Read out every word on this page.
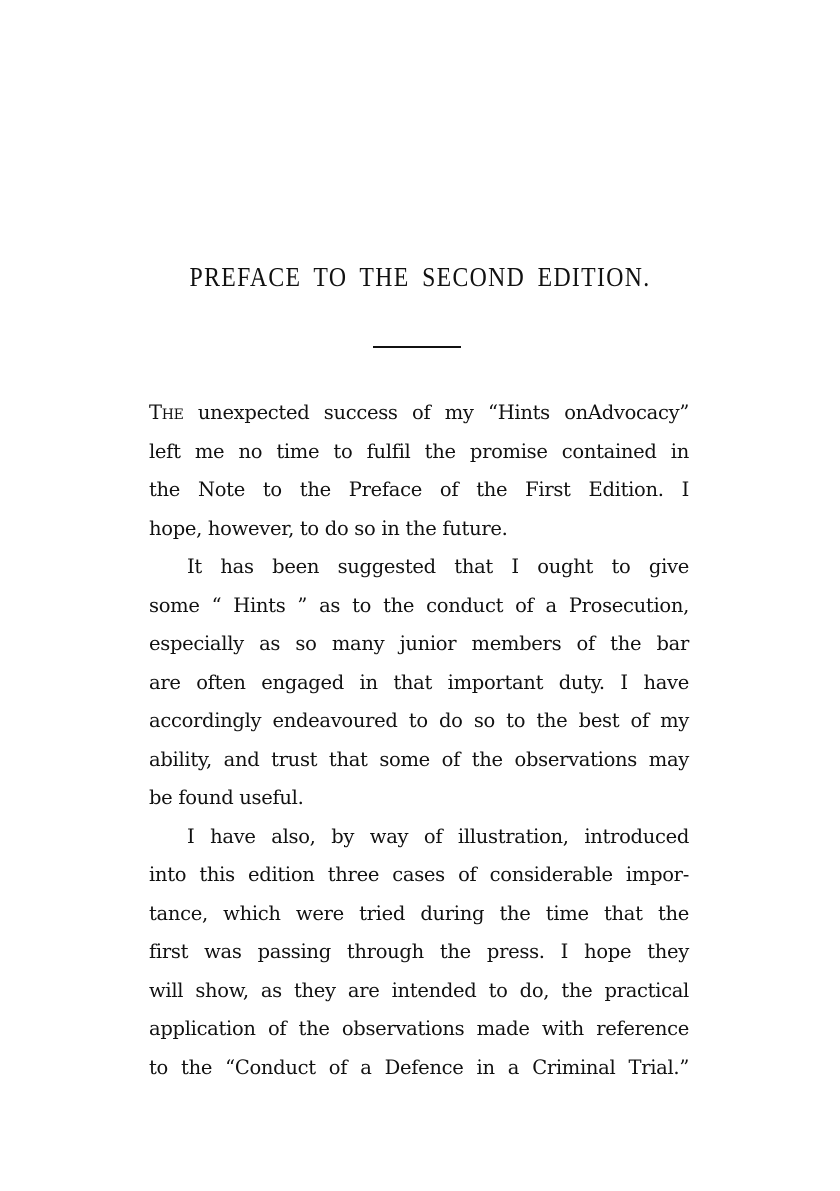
PREFACE TO THE SECOND EDITION.

The unexpected success of my “Hints onAdvocacy”
left me no time to fulfil the promise contained in
the Note to the Preface of the First Edition. I
hope, however, to do so in the future.

It has been suggested that I ought to give
some “ Hints ” as to the conduct of a Prosecution,
especially as so many junior members of the bar
are often engaged in that important duty. I have
accordingly endeavoured to do so to the best of my
ability, and trust that some of the observations may
be found useful.

I have also, by way of illustration, introduced
into this edition three cases of considerable impor-
tance, which were tried during the time that the
first was passing through the press. I hope they
will show, as they are intended to do, the practical
application of the observations made with reference
to the “Conduct of a Defence in a Criminal Trial.”
